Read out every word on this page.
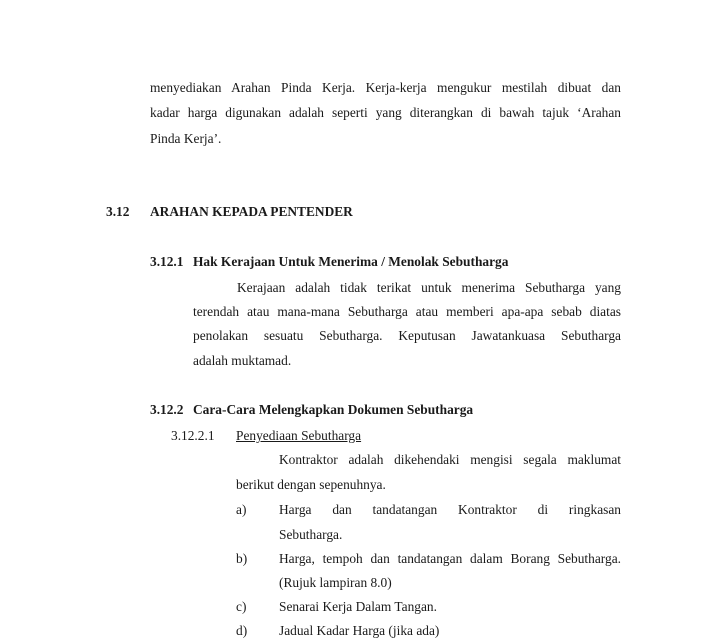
menyediakan Arahan Pinda Kerja. Kerja-kerja mengukur mestilah dibuat dan
kadar harga digunakan adalah seperti yang diterangkan di bawah tajuk ‘Arahan
Pinda Kerja’.
3.12 ARAHAN KEPADA PENTENDER
3.12.1 Hak Kerajaan Untuk Menerima / Menolak Sebutharga
Kerajaan adalah tidak terikat untuk menerima Sebutharga yang
terendah atau mana-mana Sebutharga atau memberi apa-apa sebab diatas
penolakan sesuatu Sebutharga. Keputusan Jawatankuasa Sebutharga
adalah muktamad.
3.12.2 Cara-Cara Melengkapkan Dokumen Sebutharga
3.12.2.1 Penyediaan Sebutharga
Kontraktor adalah dikehendaki mengisi segala maklumat
berikut dengan sepenuhnya.
a) Harga dan tandatangan Kontraktor di ringkasan
Sebutharga.
b) Harga, tempoh dan tandatangan dalam Borang Sebutharga.
(Rujuk lampiran 8.0)
c) Senarai Kerja Dalam Tangan.
d) Jadual Kadar Harga (jika ada)
